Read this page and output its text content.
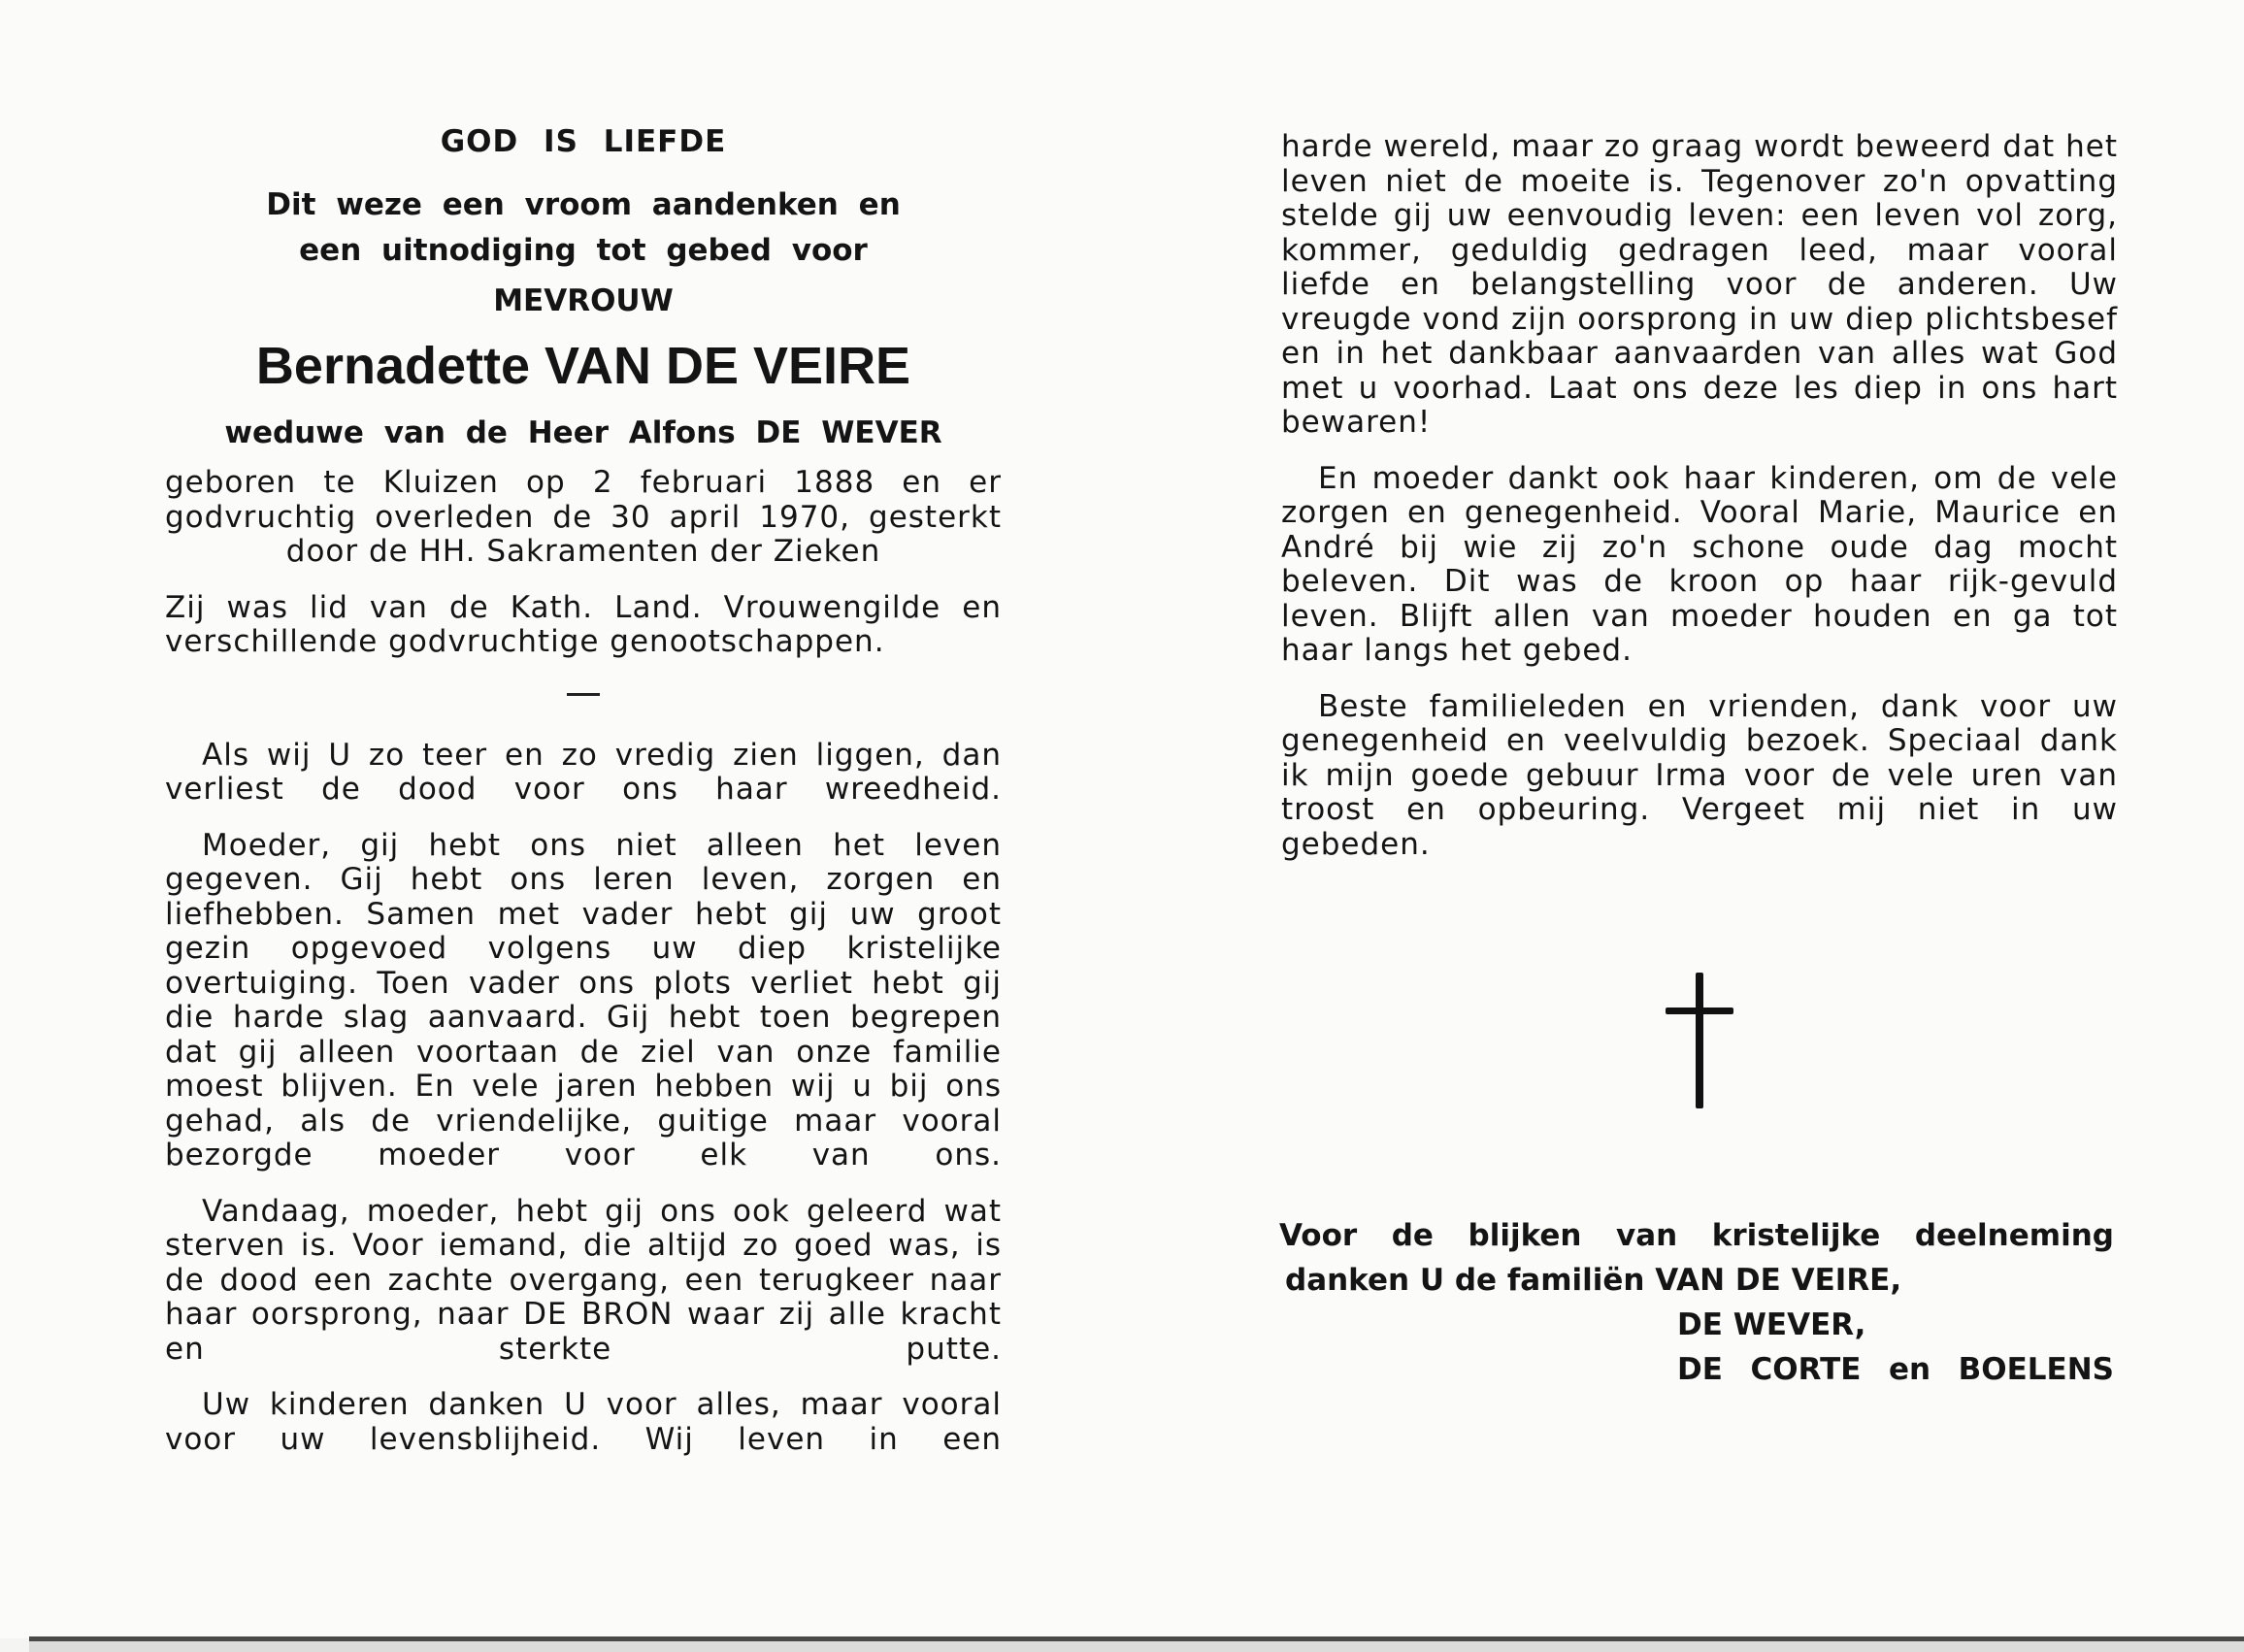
GOD IS LIEFDE
Dit weze een vroom aandenken en
een uitnodiging tot gebed voor
MEVROUW
Bernadette VAN DE VEIRE
weduwe van de Heer Alfons DE WEVER

geboren te Kluizen op 2 februari 1888 en er godvruchtig overleden de 30 april 1970, gesterkt door de HH. Sakramenten der Zieken

Zij was lid van de Kath. Land. Vrouwengilde en verschillende godvruchtige genootschappen.

Als wij U zo teer en zo vredig zien liggen, dan verliest de dood voor ons haar wreedheid.

Moeder, gij hebt ons niet alleen het leven gegeven. Gij hebt ons leren leven, zorgen en liefhebben. Samen met vader hebt gij uw groot gezin opgevoed volgens uw diep kristelijke overtuiging. Toen vader ons plots verliet hebt gij die harde slag aanvaard. Gij hebt toen begrepen dat gij alleen voortaan de ziel van onze familie moest blijven. En vele jaren hebben wij u bij ons gehad, als de vriendelijke, guitige maar vooral bezorgde moeder voor elk van ons.

Vandaag, moeder, hebt gij ons ook geleerd wat sterven is. Voor iemand, die altijd zo goed was, is de dood een zachte overgang, een terugkeer naar haar oorsprong, naar DE BRON waar zij alle kracht en sterkte putte.

Uw kinderen danken U voor alles, maar vooral voor uw levensblijheid. Wij leven in een

harde wereld, maar zo graag wordt beweerd dat het leven niet de moeite is. Tegenover zo'n opvatting stelde gij uw eenvoudig leven: een leven vol zorg, kommer, geduldig gedragen leed, maar vooral liefde en belangstelling voor de anderen. Uw vreugde vond zijn oorsprong in uw diep plichtsbesef en in het dankbaar aanvaarden van alles wat God met u voorhad. Laat ons deze les diep in ons hart bewaren!

En moeder dankt ook haar kinderen, om de vele zorgen en genegenheid. Vooral Marie, Maurice en André bij wie zij zo'n schone oude dag mocht beleven. Dit was de kroon op haar rijk-gevuld leven. Blijft allen van moeder houden en ga tot haar langs het gebed.

Beste familieleden en vrienden, dank voor uw genegenheid en veelvuldig bezoek. Speciaal dank ik mijn goede gebuur Irma voor de vele uren van troost en opbeuring. Vergeet mij niet in uw gebeden.

Voor de blijken van kristelijke deelneming
danken U de familiën VAN DE VEIRE,
DE WEVER,
DE CORTE en BOELENS
